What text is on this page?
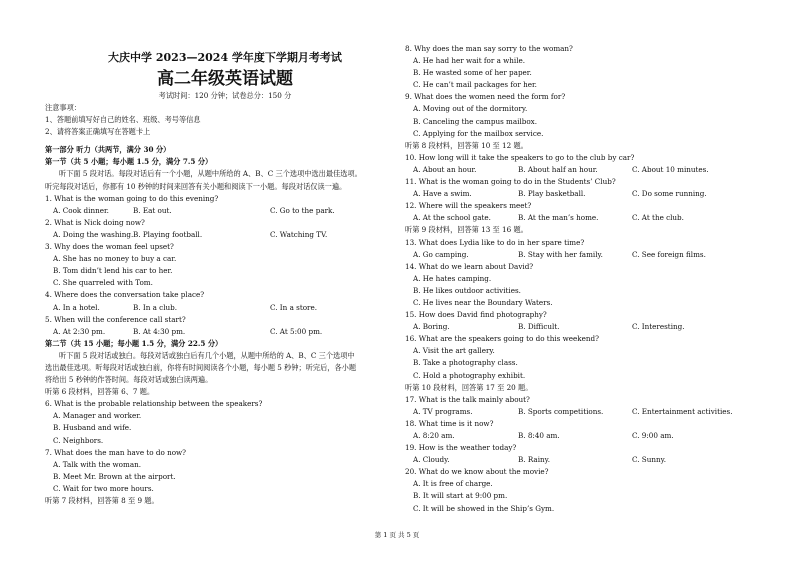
大庆中学 2023—2024 学年度下学期月考考试
高二年级英语试题
考试时间：120 分钟；试卷总分：150 分
注意事项：
1、答题前填写好自己的姓名、班级、考号等信息
2、请将答案正确填写在答题卡上
第一部分 听力（共两节，满分 30 分）
第一节（共 5 小题；每小题 1.5 分，满分 7.5 分）
听下面 5 段对话。每段对话后有一个小题，从题中所给的 A、B、C 三个选项中选出最佳选项。
听完每段对话后，你都有 10 秒钟的时间来回答有关小题和阅读下一小题。每段对话仅读一遍。
1. What is the woman going to do this evening?
A. Cook dinner.	B. Eat out.	C. Go to the park.
2. What is Nick doing now?
A. Doing the washing. B. Playing football.	C. Watching TV.
3. Why does the woman feel upset?
A. She has no money to buy a car.
B. Tom didn’t lend his car to her.
C. She quarreled with Tom.
4. Where does the conversation take place?
A. In a hotel.	B. In a club.	C. In a store.
5. When will the conference call start?
A. At 2:30 pm.	B. At 4:30 pm.	C. At 5:00 pm.
第二节（共 15 小题；每小题 1.5 分，满分 22.5 分）
听下面 5 段对话或独白。每段对话或独白后有几个小题，从题中所给的 A、B、C 三个选项中
选出最佳选项。听每段对话或独白前，你将有时间阅读各个小题，每小题 5 秒钟；听完后，各小题
将给出 5 秒钟的作答时间。每段对话或独白读两遍。
听第 6 段材料，回答第 6、7 题。
6. What is the probable relationship between the speakers?
A. Manager and worker.
B. Husband and wife.
C. Neighbors.
7. What does the man have to do now?
A. Talk with the woman.
B. Meet Mr. Brown at the airport.
C. Wait for two more hours.
听第 7 段材料，回答第 8 至 9 题。
8. Why does the man say sorry to the woman?
A. He had her wait for a while.
B. He wasted some of her paper.
C. He can’t mail packages for her.
9. What does the women need the form for?
A. Moving out of the dormitory.
B. Canceling the campus mailbox.
C. Applying for the mailbox service.
听第 8 段材料，回答第 10 至 12 题。
10. How long will it take the speakers to go to the club by car?
A. About an hour.	B. About half an hour.	C. About 10 minutes.
11. What is the woman going to do in the Students’ Club?
A. Have a swim.	B. Play basketball.	C. Do some running.
12. Where will the speakers meet?
A. At the school gate.	B. At the man’s home.	C. At the club.
听第 9 段材料，回答第 13 至 16 题。
13. What does Lydia like to do in her spare time?
A. Go camping.	B. Stay with her family.	C. See foreign films.
14. What do we learn about David?
A. He hates camping.
B. He likes outdoor activities.
C. He lives near the Boundary Waters.
15. How does David find photography?
A. Boring.	B. Difficult.	C. Interesting.
16. What are the speakers going to do this weekend?
A. Visit the art gallery.
B. Take a photography class.
C. Hold a photography exhibit.
听第 10 段材料，回答第 17 至 20 题。
17. What is the talk mainly about?
A. TV programs.	B. Sports competitions.	C. Entertainment activities.
18. What time is it now?
A. 8:20 am.	B. 8:40 am.	C. 9:00 am.
19. How is the weather today?
A. Cloudy.	B. Rainy.	C. Sunny.
20. What do we know about the movie?
A. It is free of charge.
B. It will start at 9:00 pm.
C. It will be showed in the Ship’s Gym.
第 1 页 共 5 页
